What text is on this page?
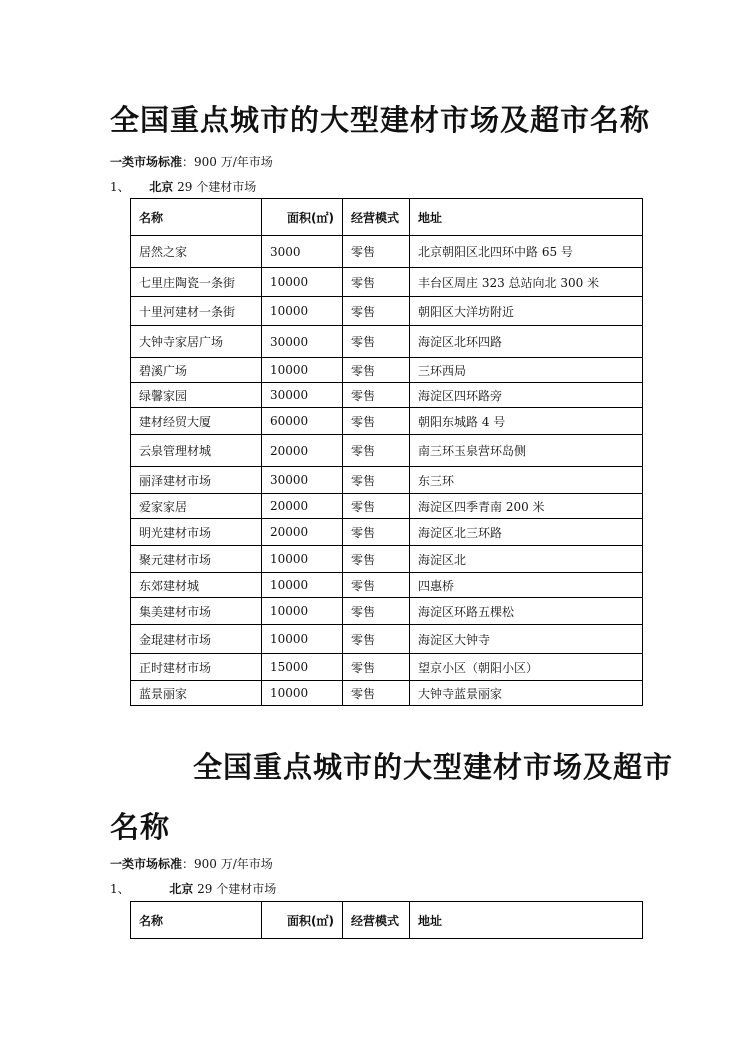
全国重点城市的大型建材市场及超市名称
一类市场标准：900 万/年市场
1、 北京 29 个建材市场
名称	面积(㎡)	经营模式	地址
居然之家	3000	零售	北京朝阳区北四环中路 65 号
七里庄陶瓷一条街	10000	零售	丰台区周庄 323 总站向北 300 米
十里河建材一条街	10000	零售	朝阳区大洋坊附近
大钟寺家居广场	30000	零售	海淀区北环四路
碧溪广场	10000	零售	三环西局
绿馨家园	30000	零售	海淀区四环路旁
建材经贸大厦	60000	零售	朝阳东城路 4 号
云泉管理材城	20000	零售	南三环玉泉营环岛侧
丽泽建材市场	30000	零售	东三环
爱家家居	20000	零售	海淀区四季青南 200 米
明光建材市场	20000	零售	海淀区北三环路
聚元建材市场	10000	零售	海淀区北
东郊建材城	10000	零售	四惠桥
集美建材市场	10000	零售	海淀区环路五棵松
金琨建材市场	10000	零售	海淀区大钟寺
正时建材市场	15000	零售	望京小区（朝阳小区）
蓝景丽家	10000	零售	大钟寺蓝景丽家
全国重点城市的大型建材市场及超市
名称
一类市场标准：900 万/年市场
1、	北京 29 个建材市场
名称	面积(㎡)	经营模式	地址
